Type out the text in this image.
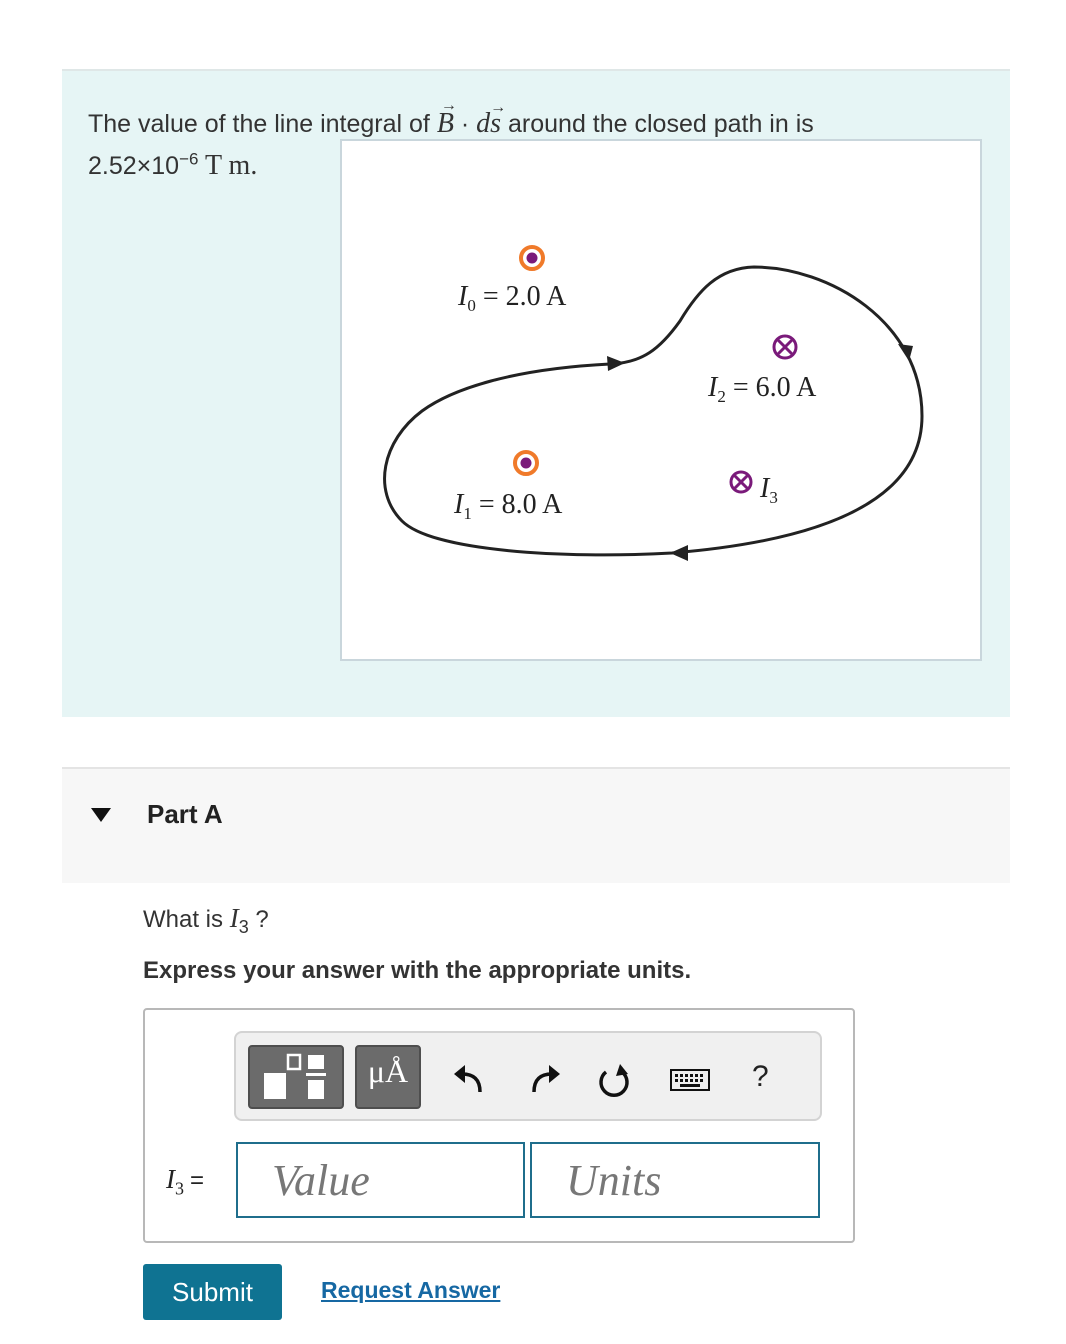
The value of the line integral of → B · → ds around the closed path in is
$2.52\times 10^{-6}$ T m.
$I_0 = 2.0$ A
$I_1 = 8.0$ A
$I_2 = 6.0$ A
$I_3$
Part A
What is $I_3$ ?
Express your answer with the appropriate units.
μÅ	?
$I_3$ =
Value
Units
Submit	Request Answer
